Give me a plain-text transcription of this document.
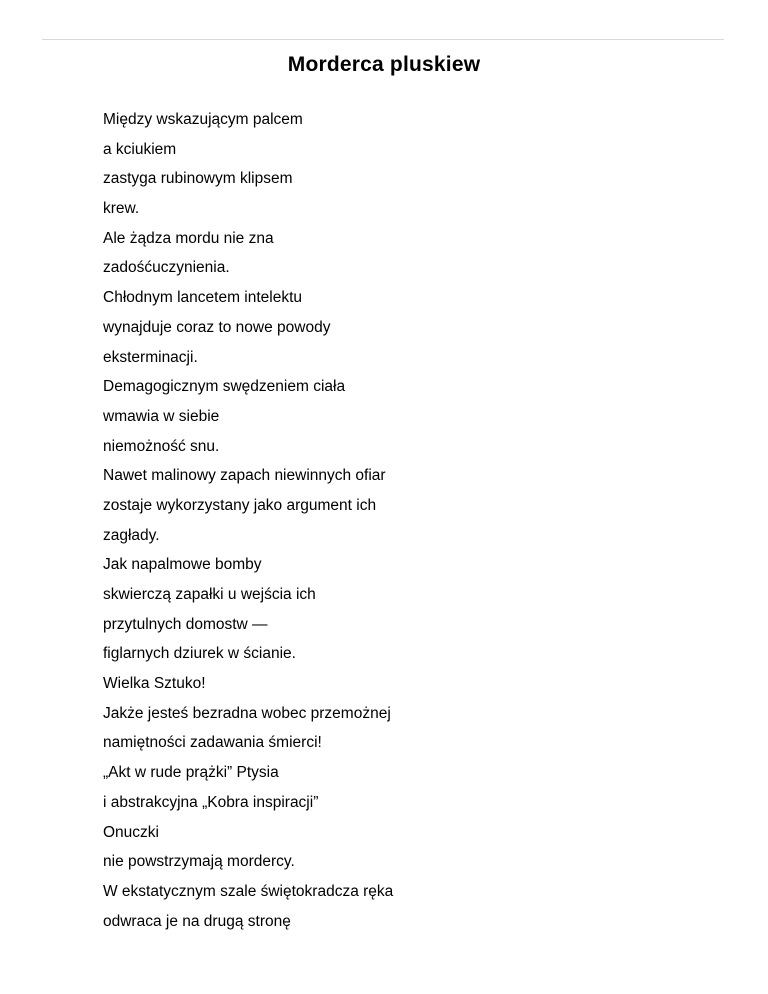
Morderca pluskiew
Między wskazującym palcem
a kciukiem
zastyga rubinowym klipsem
krew.
Ale żądza mordu nie zna
zadośćuczynienia.
Chłodnym lancetem intelektu
wynajduje coraz to nowe powody
eksterminacji.
Demagogicznym swędzeniem ciała
wmawia w siebie
niemożność snu.
Nawet malinowy zapach niewinnych ofiar
zostaje wykorzystany jako argument ich
zagłady.
Jak napalmowe bomby
skwierczą zapałki u wejścia ich
przytulnych domostw —
figlarnych dziurek w ścianie.
Wielka Sztuko!
Jakże jesteś bezradna wobec przemożnej
namiętności zadawania śmierci!
„Akt w rude prążki” Ptysia
i abstrakcyjna „Kobra inspiracji”
Onuczki
nie powstrzymają mordercy.
W ekstatycznym szale świętokradcza ręka
odwraca je na drugą stronę
